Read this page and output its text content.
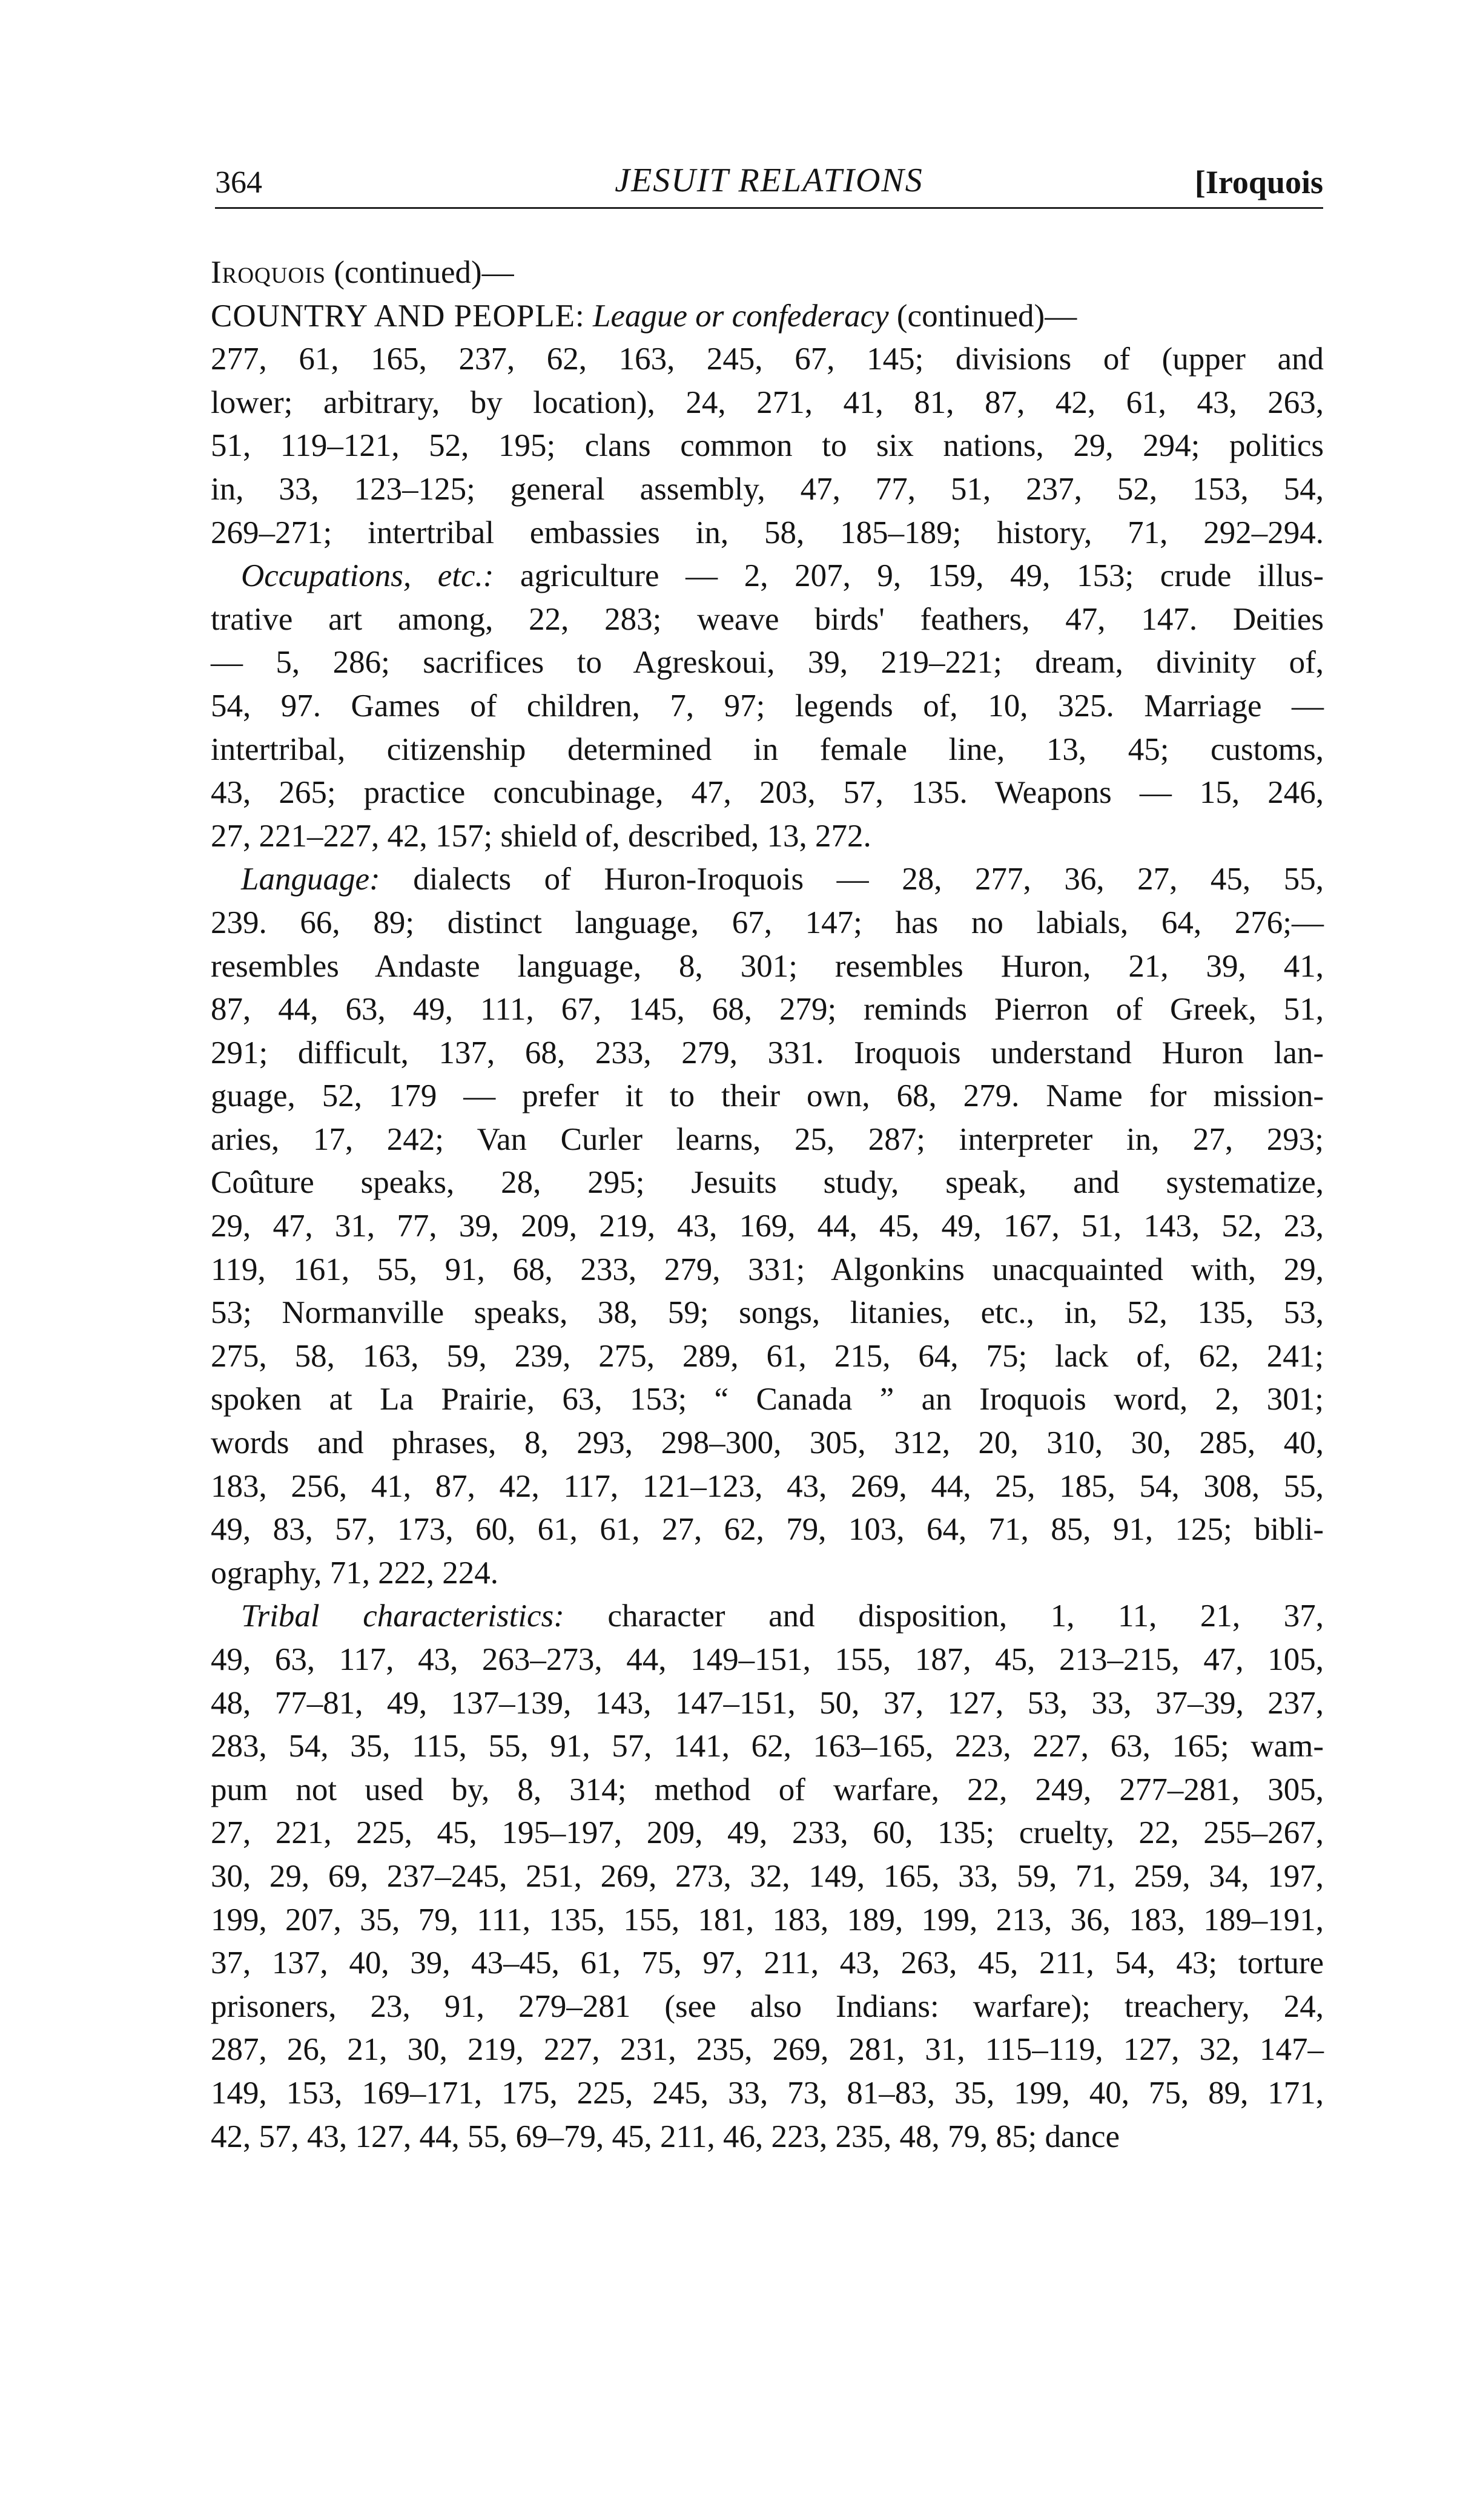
364	JESUIT RELATIONS	[Iroquois
Iroquois (continued)—
COUNTRY AND PEOPLE: League or confederacy (continued)—
277, 61, 165, 237, 62, 163, 245, 67, 145; divisions of (upper and
lower; arbitrary, by location), 24, 271, 41, 81, 87, 42, 61, 43, 263,
51, 119–121, 52, 195; clans common to six nations, 29, 294; politics
in, 33, 123–125; general assembly, 47, 77, 51, 237, 52, 153, 54,
269–271; intertribal embassies in, 58, 185–189; history, 71, 292–294.
Occupations, etc.: agriculture — 2, 207, 9, 159, 49, 153; crude illus-
trative art among, 22, 283; weave birds' feathers, 47, 147. Deities
— 5, 286; sacrifices to Agreskoui, 39, 219–221; dream, divinity of,
54, 97. Games of children, 7, 97; legends of, 10, 325. Marriage —
intertribal, citizenship determined in female line, 13, 45; customs,
43, 265; practice concubinage, 47, 203, 57, 135. Weapons — 15, 246,
27, 221–227, 42, 157; shield of, described, 13, 272.
Language: dialects of Huron-Iroquois — 28, 277, 36, 27, 45, 55,
239. 66, 89; distinct language, 67, 147; has no labials, 64, 276;—
resembles Andaste language, 8, 301; resembles Huron, 21, 39, 41,
87, 44, 63, 49, 111, 67, 145, 68, 279; reminds Pierron of Greek, 51,
291; difficult, 137, 68, 233, 279, 331. Iroquois understand Huron lan-
guage, 52, 179 — prefer it to their own, 68, 279. Name for mission-
aries, 17, 242; Van Curler learns, 25, 287; interpreter in, 27, 293;
Coûture speaks, 28, 295; Jesuits study, speak, and systematize,
29, 47, 31, 77, 39, 209, 219, 43, 169, 44, 45, 49, 167, 51, 143, 52, 23,
119, 161, 55, 91, 68, 233, 279, 331; Algonkins unacquainted with, 29,
53; Normanville speaks, 38, 59; songs, litanies, etc., in, 52, 135, 53,
275, 58, 163, 59, 239, 275, 289, 61, 215, 64, 75; lack of, 62, 241;
spoken at La Prairie, 63, 153; “ Canada ” an Iroquois word, 2, 301;
words and phrases, 8, 293, 298–300, 305, 312, 20, 310, 30, 285, 40,
183, 256, 41, 87, 42, 117, 121–123, 43, 269, 44, 25, 185, 54, 308, 55,
49, 83, 57, 173, 60, 61, 61, 27, 62, 79, 103, 64, 71, 85, 91, 125; bibli-
ography, 71, 222, 224.
Tribal characteristics: character and disposition, 1, 11, 21, 37,
49, 63, 117, 43, 263–273, 44, 149–151, 155, 187, 45, 213–215, 47, 105,
48, 77–81, 49, 137–139, 143, 147–151, 50, 37, 127, 53, 33, 37–39, 237,
283, 54, 35, 115, 55, 91, 57, 141, 62, 163–165, 223, 227, 63, 165; wam-
pum not used by, 8, 314; method of warfare, 22, 249, 277–281, 305,
27, 221, 225, 45, 195–197, 209, 49, 233, 60, 135; cruelty, 22, 255–267,
30, 29, 69, 237–245, 251, 269, 273, 32, 149, 165, 33, 59, 71, 259, 34, 197,
199, 207, 35, 79, 111, 135, 155, 181, 183, 189, 199, 213, 36, 183, 189–191,
37, 137, 40, 39, 43–45, 61, 75, 97, 211, 43, 263, 45, 211, 54, 43; torture
prisoners, 23, 91, 279–281 (see also Indians: warfare); treachery, 24,
287, 26, 21, 30, 219, 227, 231, 235, 269, 281, 31, 115–119, 127, 32, 147–
149, 153, 169–171, 175, 225, 245, 33, 73, 81–83, 35, 199, 40, 75, 89, 171,
42, 57, 43, 127, 44, 55, 69–79, 45, 211, 46, 223, 235, 48, 79, 85; dance
